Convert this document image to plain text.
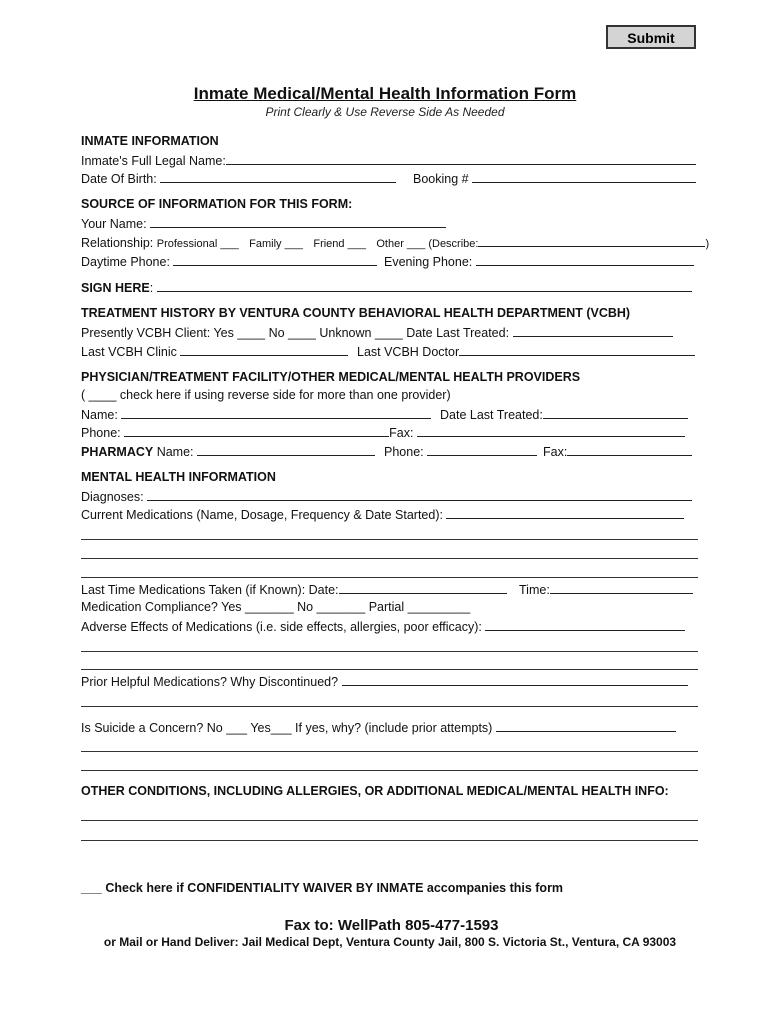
Submit
Inmate Medical/Mental Health Information Form
Print Clearly & Use Reverse Side As Needed
INMATE INFORMATION
Inmate's Full Legal Name:
Date Of Birth:	Booking #
SOURCE OF INFORMATION FOR THIS FORM:
Your Name:
Relationship: Professional ___ Family ___ Friend ___ Other ___ (Describe:	)
Daytime Phone:	Evening Phone:
SIGN HERE:
TREATMENT HISTORY BY VENTURA COUNTY BEHAVIORAL HEALTH DEPARTMENT (VCBH)
Presently VCBH Client: Yes ____ No ____ Unknown ____ Date Last Treated:
Last VCBH Clinic	Last VCBH Doctor
PHYSICIAN/TREATMENT FACILITY/OTHER MEDICAL/MENTAL HEALTH PROVIDERS
( ____ check here if using reverse side for more than one provider)
Name:	Date Last Treated:
Phone:	Fax:
PHARMACY Name:	Phone:	Fax:
MENTAL HEALTH INFORMATION
Diagnoses:
Current Medications (Name, Dosage, Frequency & Date Started):
Last Time Medications Taken (if Known): Date:	Time:
Medication Compliance? Yes _______ No _______ Partial _________
Adverse Effects of Medications (i.e. side effects, allergies, poor efficacy):
Prior Helpful Medications? Why Discontinued?
Is Suicide a Concern? No ___ Yes___ If yes, why? (include prior attempts)
OTHER CONDITIONS, INCLUDING ALLERGIES, OR ADDITIONAL MEDICAL/MENTAL HEALTH INFO:
___ Check here if CONFIDENTIALITY WAIVER BY INMATE accompanies this form
Fax to: WellPath 805-477-1593
or Mail or Hand Deliver: Jail Medical Dept, Ventura County Jail, 800 S. Victoria St., Ventura, CA 93003
